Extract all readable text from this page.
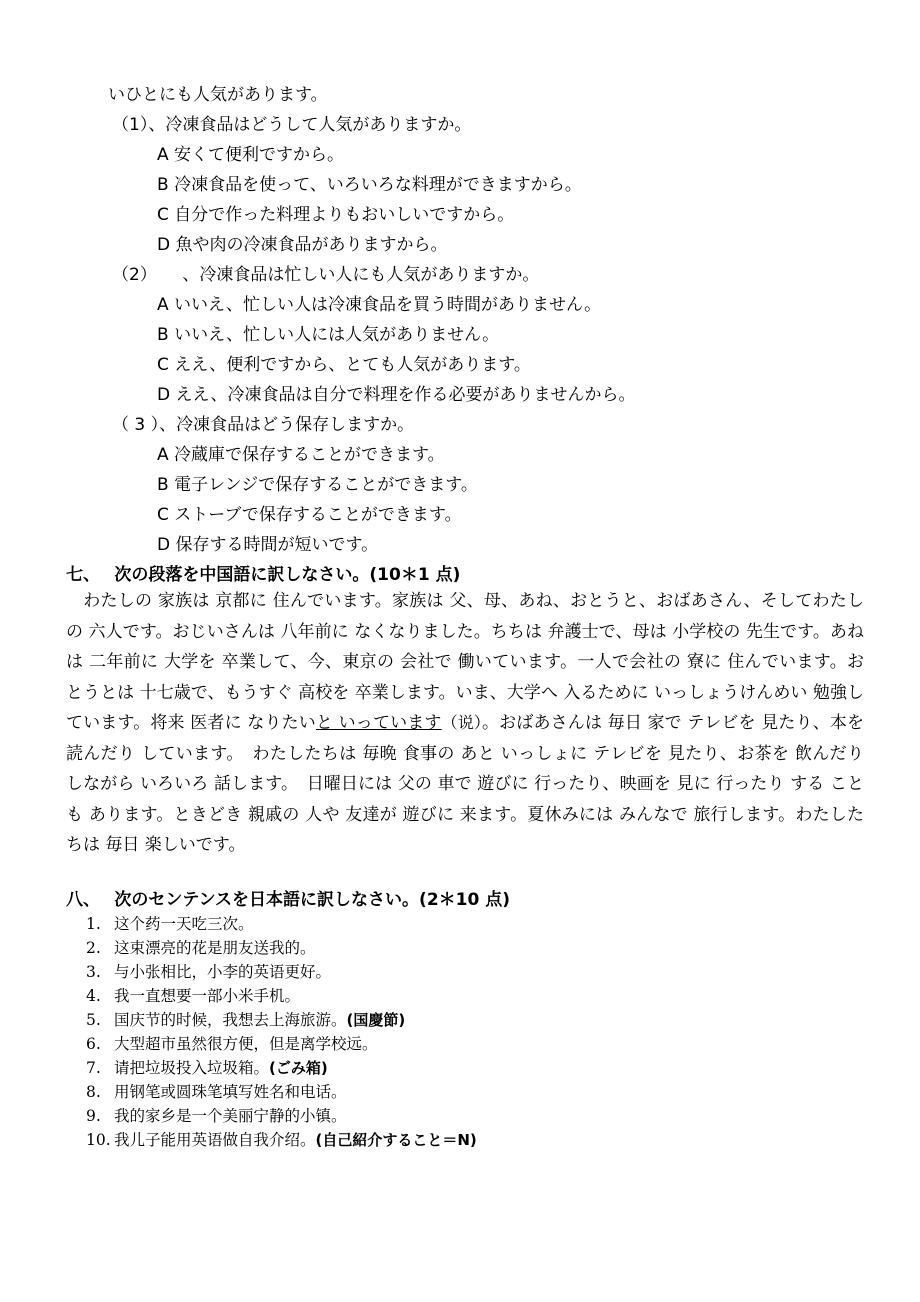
いひとにも人気があります。
（1）、冷凍食品はどうして人気がありますか。
A 安くて便利ですから。
B 冷凍食品を使って、いろいろな料理ができますから。
C 自分で作った料理よりもおいしいですから。
D 魚や肉の冷凍食品がありますから。
（2）　　、冷凍食品は忙しい人にも人気がありますか。
A いいえ、忙しい人は冷凍食品を買う時間がありません。
B いいえ、忙しい人には人気がありません。
C ええ、便利ですから、とても人気があります。
D ええ、冷凍食品は自分で料理を作る必要がありませんから。
（ 3 ）、冷凍食品はどう保存しますか。
A 冷蔵庫で保存することができます。
B 電子レンジで保存することができます。
C ストーブで保存することができます。
D 保存する時間が短いです。
七、　 次の段落を中国語に訳しなさい。(10＊1 点)
　わたしの 家族は 京都に 住んでいます。家族は 父、母、あね、おとうと、おばあさん、そしてわたしの 六人です。おじいさんは 八年前に なくなりました。ちちは 弁護士で、母は 小学校の 先生です。あねは 二年前に 大学を 卒業して、今、東京の 会社で 働いています。一人で会社の 寮に 住んでいます。おとうとは 十七歳で、もうすぐ 高校を 卒業します。いま、大学へ 入るために いっしょうけんめい 勉強しています。将来 医者に なりたいと いっています（说）。おばあさんは 毎日 家で テレビを 見たり、本を 読んだり しています。　わたしたちは 毎晩 食事の あと いっしょに テレビを 見たり、お茶を 飲んだり しながら いろいろ 話します。　日曜日には 父の 車で 遊びに 行ったり、映画を 見に 行ったり する ことも あります。ときどき 親戚の 人や 友達が 遊びに 来ます。夏休みには みんなで 旅行します。わたしたちは 毎日 楽しいです。
八、　 次のセンテンスを日本語に訳しなさい。(2＊10 点)
1. 这个药一天吃三次。
2. 这束漂亮的花是朋友送我的。
3. 与小张相比，小李的英语更好。
4. 我一直想要一部小米手机。
5. 国庆节的时候，我想去上海旅游。(国慶節)
6. 大型超市虽然很方便，但是离学校远。
7. 请把垃圾投入垃圾箱。(ごみ箱)
8. 用钢笔或圆珠笔填写姓名和电话。
9. 我的家乡是一个美丽宁静的小镇。
10. 我儿子能用英语做自我介绍。(自己紹介すること＝N)
